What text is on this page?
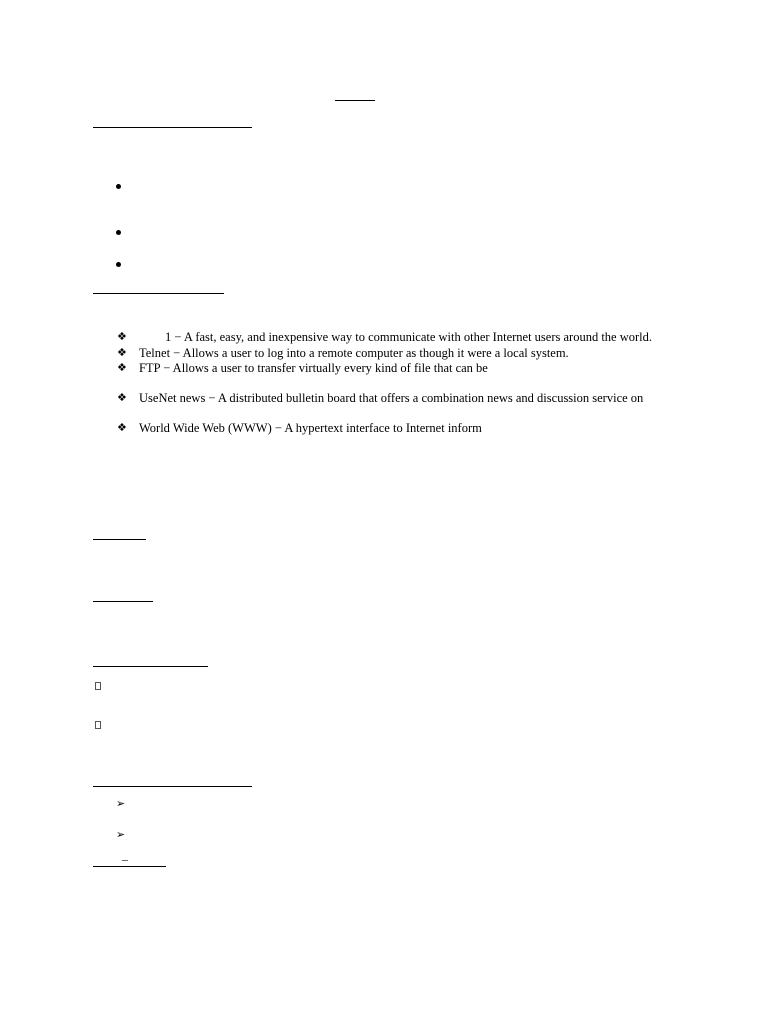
❖	1 − A fast, easy, and inexpensive way to communicate with other Internet users around the world.
❖ Telnet − Allows a user to log into a remote computer as though it were a local system.
❖ FTP − Allows a user to transfer virtually every kind of file that can be
❖ UseNet news − A distributed bulletin board that offers a combination news and discussion service on
❖ World Wide Web (WWW) − A hypertext interface to Internet inform
➢
➢
–
